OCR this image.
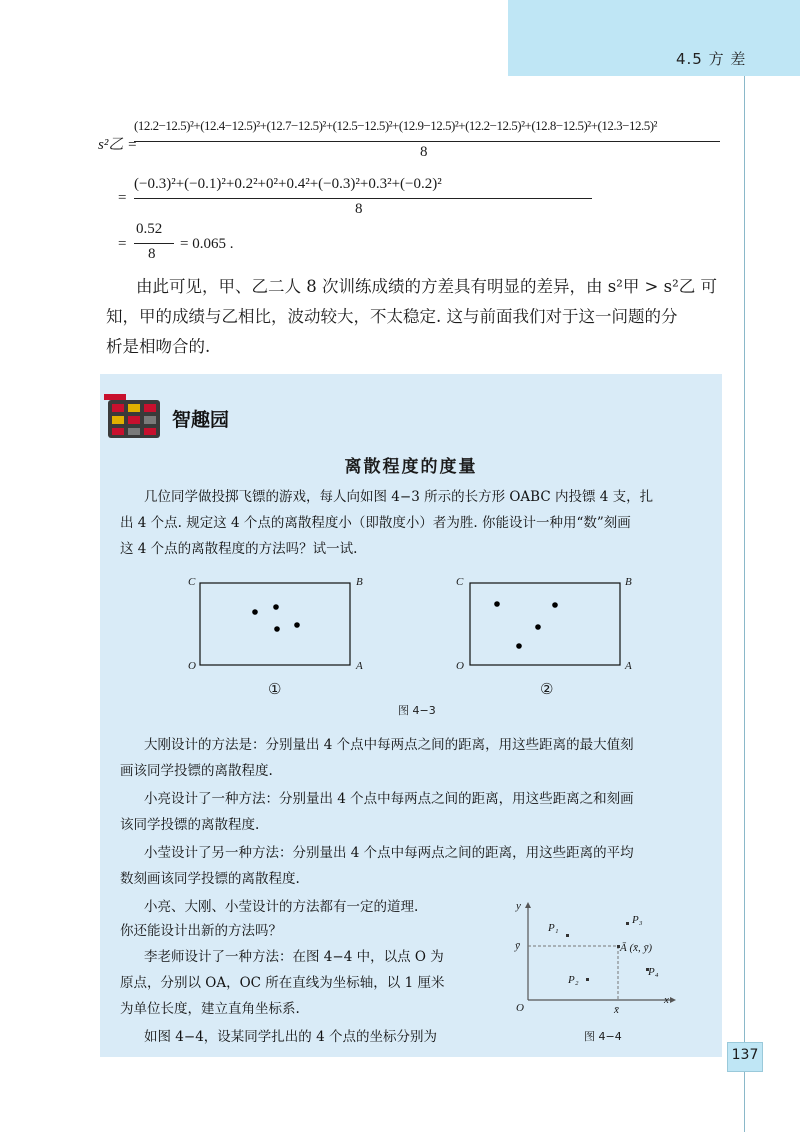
4.5 方 差
s²乙 =
(12.2−12.5)²+(12.4−12.5)²+(12.7−12.5)²+(12.5−12.5)²+(12.9−12.5)²+(12.2−12.5)²+(12.8−12.5)²+(12.3−12.5)²
8
=
(−0.3)²+(−0.1)²+0.2²+0²+0.4²+(−0.3)²+0.3²+(−0.2)²
8
=
0.52
8
= 0.065 .
由此可见，甲、乙二人 8 次训练成绩的方差具有明显的差异，由 s²甲 > s²乙 可
知，甲的成绩与乙相比，波动较大，不太稳定. 这与前面我们对于这一问题的分
析是相吻合的.
智趣园
离散程度的度量
几位同学做投掷飞镖的游戏，每人向如图 4−3 所示的长方形 OABC 内投镖 4 支，扎
出 4 个点. 规定这 4 个点的离散程度小（即散度小）者为胜. 你能设计一种用“数”刻画
这 4 个点的离散程度的方法吗？试一试.
C	B
O	A
C	B
O	A
①	②
图 4−3
大刚设计的方法是：分别量出 4 个点中每两点之间的距离，用这些距离的最大值刻
画该同学投镖的离散程度.
小亮设计了一种方法：分别量出 4 个点中每两点之间的距离，用这些距离之和刻画
该同学投镖的离散程度.
小莹设计了另一种方法：分别量出 4 个点中每两点之间的距离，用这些距离的平均
数刻画该同学投镖的离散程度.
小亮、大刚、小莹设计的方法都有一定的道理.
你还能设计出新的方法吗？
李老师设计了一种方法：在图 4−4 中，以点 O 为
原点，分别以 OA，OC 所在直线为坐标轴，以 1 厘米
为单位长度，建立直角坐标系.
如图 4−4，设某同学扎出的 4 个点的坐标分别为
y
x
O
ȳ
x̄
P₁
P₂
P₃
P₄
Ā (x̄, ȳ)
图 4−4
137
